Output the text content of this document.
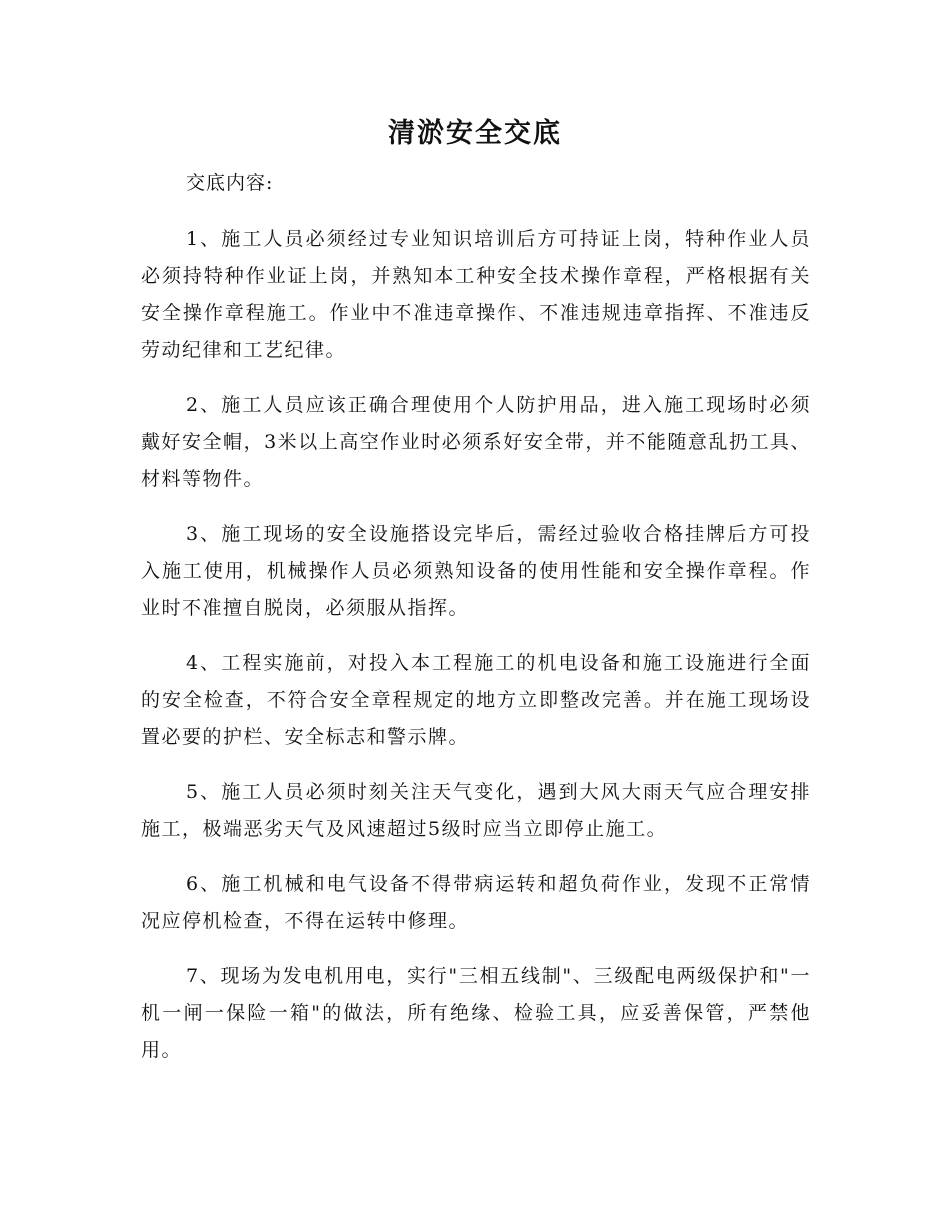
清淤安全交底
交底内容:

1、施工人员必须经过专业知识培训后方可持证上岗，特种作业人员必须持特种作业证上岗，并熟知本工种安全技术操作章程，严格根据有关安全操作章程施工。作业中不准违章操作、不准违规违章指挥、不准违反劳动纪律和工艺纪律。

2、施工人员应该正确合理使用个人防护用品，进入施工现场时必须戴好安全帽，3米以上高空作业时必须系好安全带，并不能随意乱扔工具、材料等物件。

3、施工现场的安全设施搭设完毕后，需经过验收合格挂牌后方可投入施工使用，机械操作人员必须熟知设备的使用性能和安全操作章程。作业时不准擅自脱岗，必须服从指挥。

4、工程实施前，对投入本工程施工的机电设备和施工设施进行全面的安全检查，不符合安全章程规定的地方立即整改完善。并在施工现场设置必要的护栏、安全标志和警示牌。

5、施工人员必须时刻关注天气变化，遇到大风大雨天气应合理安排施工，极端恶劣天气及风速超过5级时应当立即停止施工。

6、施工机械和电气设备不得带病运转和超负荷作业，发现不正常情况应停机检查，不得在运转中修理。

7、现场为发电机用电，实行"三相五线制"、三级配电两级保护和"一机一闸一保险一箱"的做法，所有绝缘、检验工具，应妥善保管，严禁他用。
